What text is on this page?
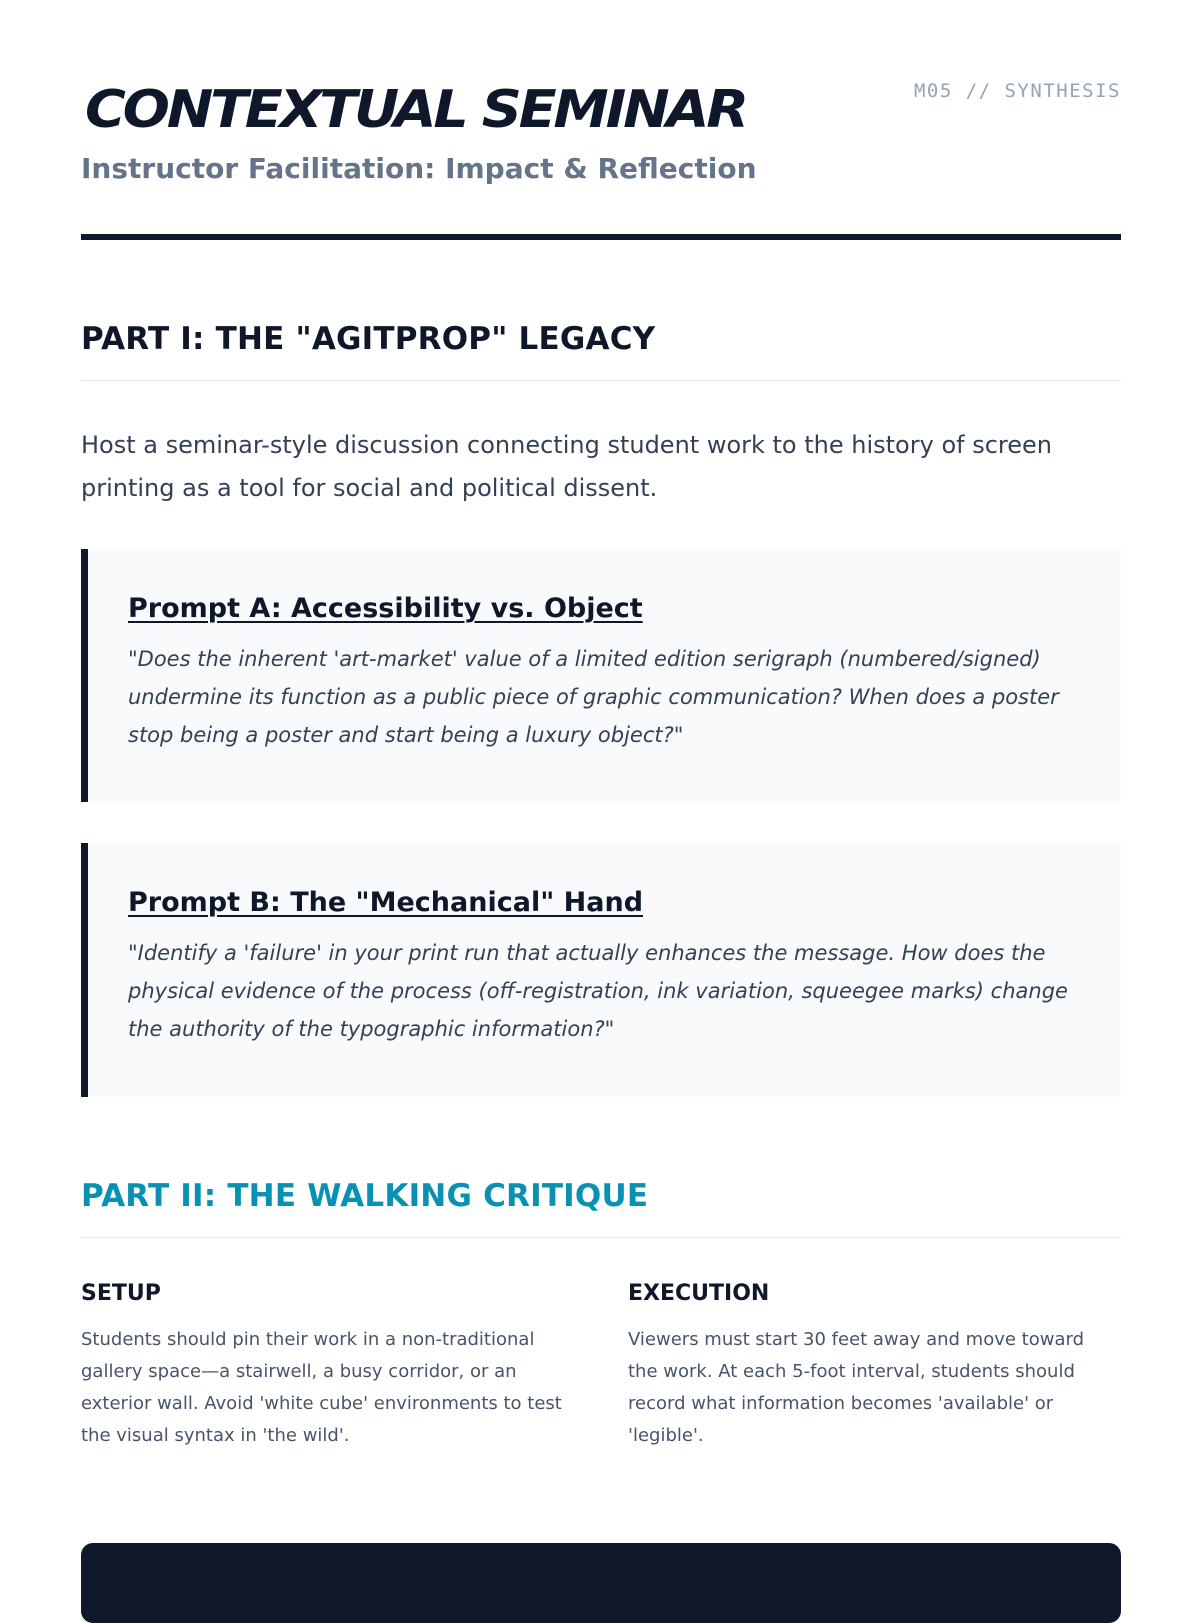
CONTEXTUAL SEMINAR	M05 // SYNTHESIS
Instructor Facilitation: Impact & Reflection
PART I: THE "AGITPROP" LEGACY

Host a seminar-style discussion connecting student work to the history of screen printing as a tool for social and political dissent.

Prompt A: Accessibility vs. Object

"Does the inherent 'art-market' value of a limited edition serigraph (numbered/signed) undermine its function as a public piece of graphic communication? When does a poster stop being a poster and start being a luxury object?"

Prompt B: The "Mechanical" Hand

"Identify a 'failure' in your print run that actually enhances the message. How does the physical evidence of the process (off-registration, ink variation, squeegee marks) change the authority of the typographic information?"

PART II: THE WALKING CRITIQUE
SETUP

Students should pin their work in a non-traditional gallery space—a stairwell, a busy corridor, or an exterior wall. Avoid 'white cube' environments to test the visual syntax in 'the wild'.

EXECUTION

Viewers must start 30 feet away and move toward the work. At each 5-foot interval, students should record what information becomes 'available' or 'legible'.
